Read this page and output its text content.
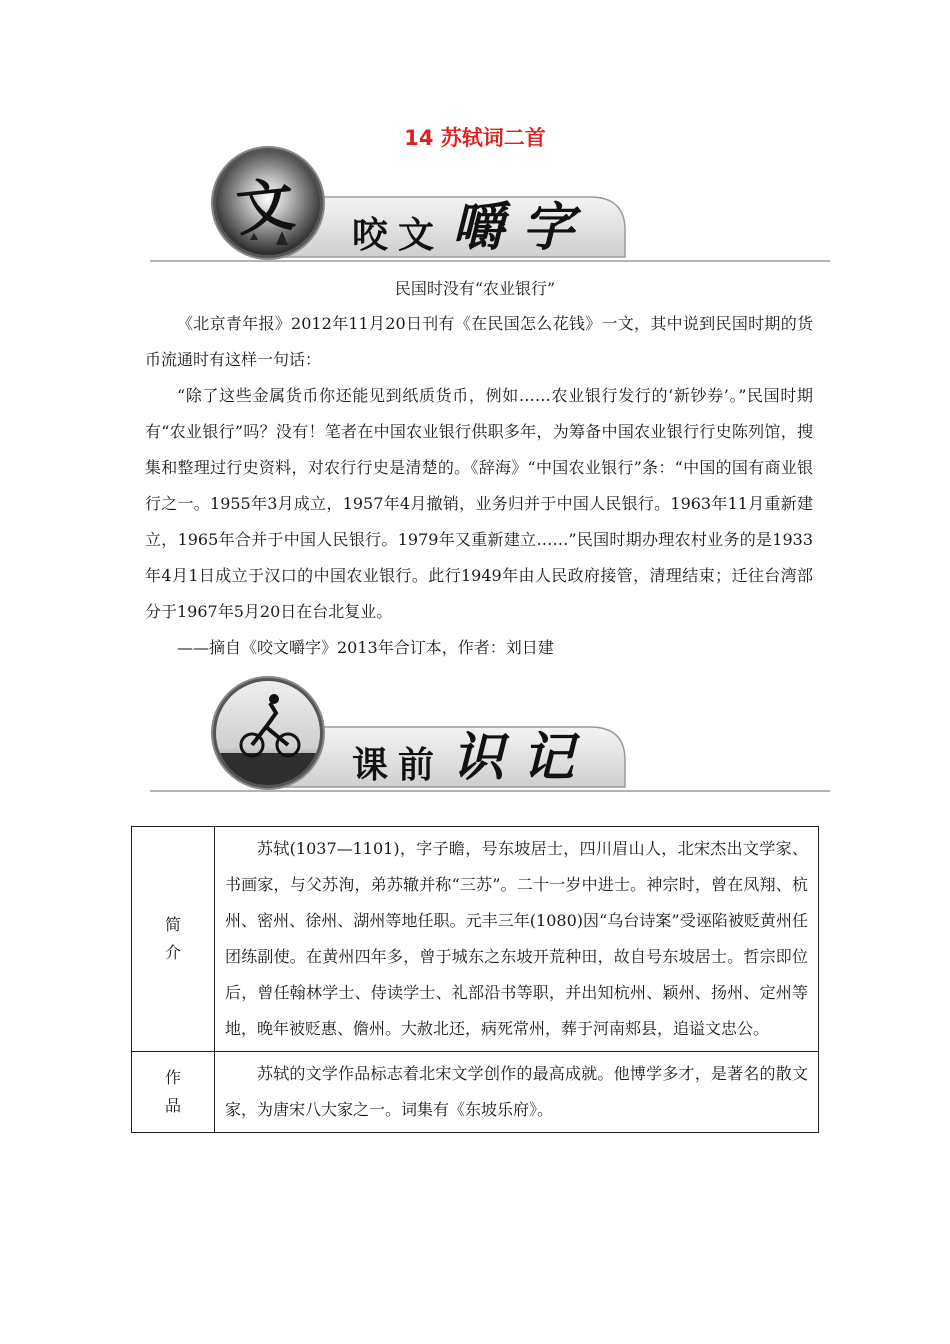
14 苏轼词二首
文 咬 文 嚼 字
民国时没有“农业银行”
《北京青年报》2012年11月20日刊有《在民国怎么花钱》一文，其中说到民国时期的货币流通时有这样一句话：
“除了这些金属货币你还能见到纸质货币，例如……农业银行发行的‘新钞券’。”民国时期有“农业银行”吗？没有！笔者在中国农业银行供职多年，为筹备中国农业银行行史陈列馆，搜集和整理过行史资料，对农行行史是清楚的。《辞海》“中国农业银行”条：“中国的国有商业银行之一。1955年3月成立，1957年4月撤销，业务归并于中国人民银行。1963年11月重新建立，1965年合并于中国人民银行。1979年又重新建立……”民国时期办理农村业务的是1933年4月1日成立于汉口的中国农业银行。此行1949年由人民政府接管，清理结束；迁往台湾部分于1967年5月20日在台北复业。
——摘自《咬文嚼字》2013年合订本，作者：刘日建
课 前 识 记
简
介	苏轼(1037—1101)，字子瞻，号东坡居士，四川眉山人，北宋杰出文学家、书画家，与父苏洵，弟苏辙并称“三苏”。二十一岁中进士。神宗时，曾在凤翔、杭州、密州、徐州、湖州等地任职。元丰三年(1080)因“乌台诗案”受诬陷被贬黄州任团练副使。在黄州四年多，曾于城东之东坡开荒种田，故自号东坡居士。哲宗即位后，曾任翰林学士、侍读学士、礼部沿书等职，并出知杭州、颖州、扬州、定州等地，晚年被贬惠、儋州。大赦北还，病死常州，葬于河南郏县，追谥文忠公。

作
品	苏轼的文学作品标志着北宋文学创作的最高成就。他博学多才，是著名的散文家，为唐宋八大家之一。词集有《东坡乐府》。
